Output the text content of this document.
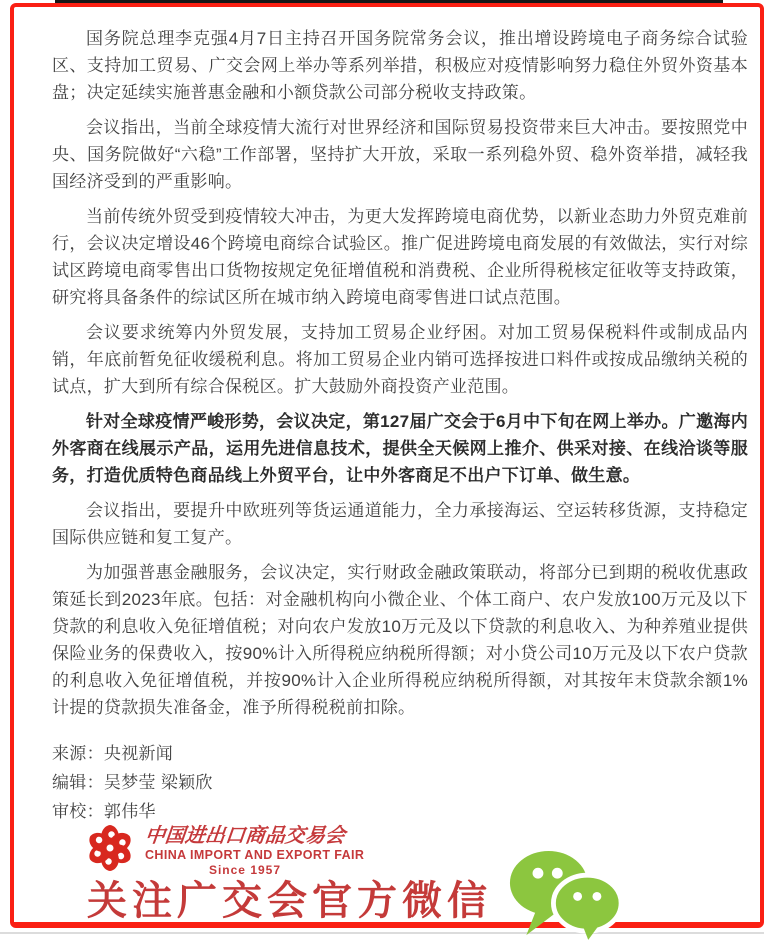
国务院总理李克强4月7日主持召开国务院常务会议，推出增设跨境电子商务综合试验区、支持加工贸易、广交会网上举办等系列举措，积极应对疫情影响努力稳住外贸外资基本盘；决定延续实施普惠金融和小额贷款公司部分税收支持政策。

会议指出，当前全球疫情大流行对世界经济和国际贸易投资带来巨大冲击。要按照党中央、国务院做好“六稳”工作部署，坚持扩大开放，采取一系列稳外贸、稳外资举措，减轻我国经济受到的严重影响。

当前传统外贸受到疫情较大冲击，为更大发挥跨境电商优势，以新业态助力外贸克难前行，会议决定增设46个跨境电商综合试验区。推广促进跨境电商发展的有效做法，实行对综试区跨境电商零售出口货物按规定免征增值税和消费税、企业所得税核定征收等支持政策，研究将具备条件的综试区所在城市纳入跨境电商零售进口试点范围。

会议要求统筹内外贸发展，支持加工贸易企业纾困。对加工贸易保税料件或制成品内销，年底前暂免征收缓税利息。将加工贸易企业内销可选择按进口料件或按成品缴纳关税的试点，扩大到所有综合保税区。扩大鼓励外商投资产业范围。

针对全球疫情严峻形势，会议决定，第127届广交会于6月中下旬在网上举办。广邀海内外客商在线展示产品，运用先进信息技术，提供全天候网上推介、供采对接、在线洽谈等服务，打造优质特色商品线上外贸平台，让中外客商足不出户下订单、做生意。

会议指出，要提升中欧班列等货运通道能力，全力承接海运、空运转移货源，支持稳定国际供应链和复工复产。

为加强普惠金融服务，会议决定，实行财政金融政策联动，将部分已到期的税收优惠政策延长到2023年底。包括：对金融机构向小微企业、个体工商户、农户发放100万元及以下贷款的利息收入免征增值税；对向农户发放10万元及以下贷款的利息收入、为种养殖业提供保险业务的保费收入，按90%计入所得税应纳税所得额；对小贷公司10万元及以下农户贷款的利息收入免征增值税，并按90%计入企业所得税应纳税所得额，对其按年末贷款余额1%计提的贷款损失准备金，准予所得税税前扣除。

来源：央视新闻

编辑：吴梦莹 梁颖欣

审校：郭伟华

中国进出口商品交易会
CHINA IMPORT AND EXPORT FAIR
Since 1957
关注广交会官方微信
